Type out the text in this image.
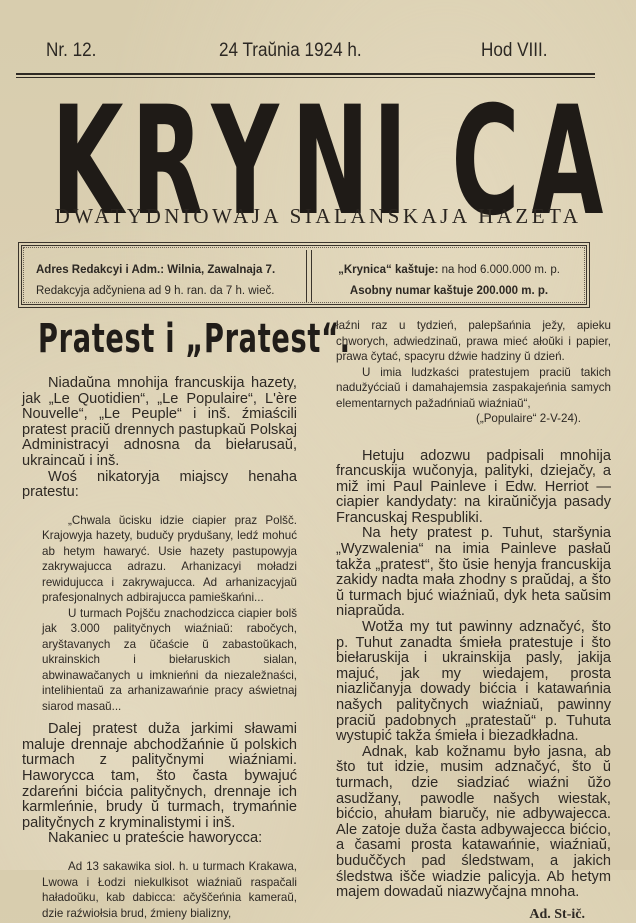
Nr. 12.	24 Traŭnia 1924 h.	Hod VIII.
K R Y N I C A
DWATYDNIOWAJA SIALANSKAJA HAZETA
Adres Redakcyi i Adm.: Wilnia, Zawalnaja 7.
Redakcyja adčyniena ad 9 h. ran. da 7 h. wieč.
„Krynica“ kaštuje: na hod 6.000.000 m. p.
Asobny numar kaštuje 200.000 m. p.
Pratest i „Pratest“.

Niadaŭna mnohija francuskija hazety, jak „Le Quotidien“, „Le Populaire“, L'ère Nouvelle“, „Le Peuple“ i inš. źmiaścili pratest praciŭ drennych pastupkaŭ Polskaj Administracyi adnosna da biełarusaŭ, ukraincaŭ i inš.

Woś nikatoryja miajscy henaha pratestu:

„Chwala ŭcisku idzie ciapier praz Polšč. Krajowyja hazety, budučy prydušany, ledź mohuć ab hetym hawaryć. Usie hazety pastupowyja zakrywajucca adrazu. Arhanizacyi moładzi rewidujucca i zakrywajucca. Ad arhanizacyjaŭ prafesjonalnych adbirajucca pamieškańni...

U turmach Pojšču znachodzicca ciapier bolš jak 3.000 palityčnych wiaźniaŭ: rabočych, aryštavanych za ŭčaście ŭ zabastoŭkach, ukrainskich i biełaruskich sialan, abwinawačanych u imknieńni da niezaležnaści, intelihientaŭ za arhanizawańnie pracy aświetnaj siarod masaŭ...

Dalej pratest duža jarkimi sławami maluje drennaje abchodžańnie ŭ polskich turmach z palityčnymi wiaźniami. Haworycca tam, što časta bywajuć zdareńni bićcia palityčnych, drennaje ich karmleńnie, brudy ŭ turmach, trymańnie palityčnych z kryminalistymi i inš.

Nakaniec u prateście haworycca:

Ad 13 sakawika siol. h. u turmach Krakawa, Lwowa i Łodzi niekulkisot wiaźniaŭ raspačali haładoŭku, kab dabicca: ačyščeńnia kameraŭ, dzie raźwiołsia brud, źmieny bializny,

łaźni raz u tydzień, palepšańnia ježy, apieku chworych, adwiedzinaŭ, prawa mieć ałoŭki i papier, prawa čytać, spacyru dźwie hadziny ŭ dzień.

U imia ludzkaści pratestujem praciŭ takich nadužyćciaŭ i damahajemsia zaspakajeńnia samych elementarnych pažadńniaŭ wiaźniaŭ“,

(„Populaire“ 2-V-24).

Hetuju adozwu padpisali mnohija francuskija wučonyja, palityki, dziejačy, a miž imi Paul Painleve i Edw. Herriot — ciapier kandydaty: na kiraŭničyja pasady Francuskaj Respubliki.

Na hety pratest p. Tuhut, staršynia „Wyzwalenia“ na imia Painleve pasłaŭ takža „pratest“, što ŭsie henyja francuskija zakidy nadta mała zhodny s praŭdaj, a što ŭ turmach bjuć wiaźniaŭ, dyk heta saŭsim niapraŭda.

Wotža my tut pawinny adznačyć, što p. Tuhut zanadta śmieła pratestuje i što biełaruskija i ukrainskija pasly, jakija majuć, jak my wiedajem, prosta niazličanyja dowady bićcia i katawańnia našych palityčnych wiaźniaŭ, pawinny praciŭ padobnych „pratestaŭ“ p. Tuhuta wystupić takža śmieła i biezadkładna.

Adnak, kab kožnamu było jasna, ab što tut idzie, musim adznačyć, što ŭ turmach, dzie siadziać wiaźni ŭžo asudžany, pawodle našych wiestak, bićcio, ahułam biaručy, nie adbywajecca. Ale zatoje duža časta adbywajecca bićcio, a časami prosta katawańnie, wiaźniaŭ, buduččych pad śledstwam, a jakich śledstwa išče wiadzie palicyja. Ab hetym majem dowadaŭ niazwyčajna mnoha.

Ad. St-ič.
